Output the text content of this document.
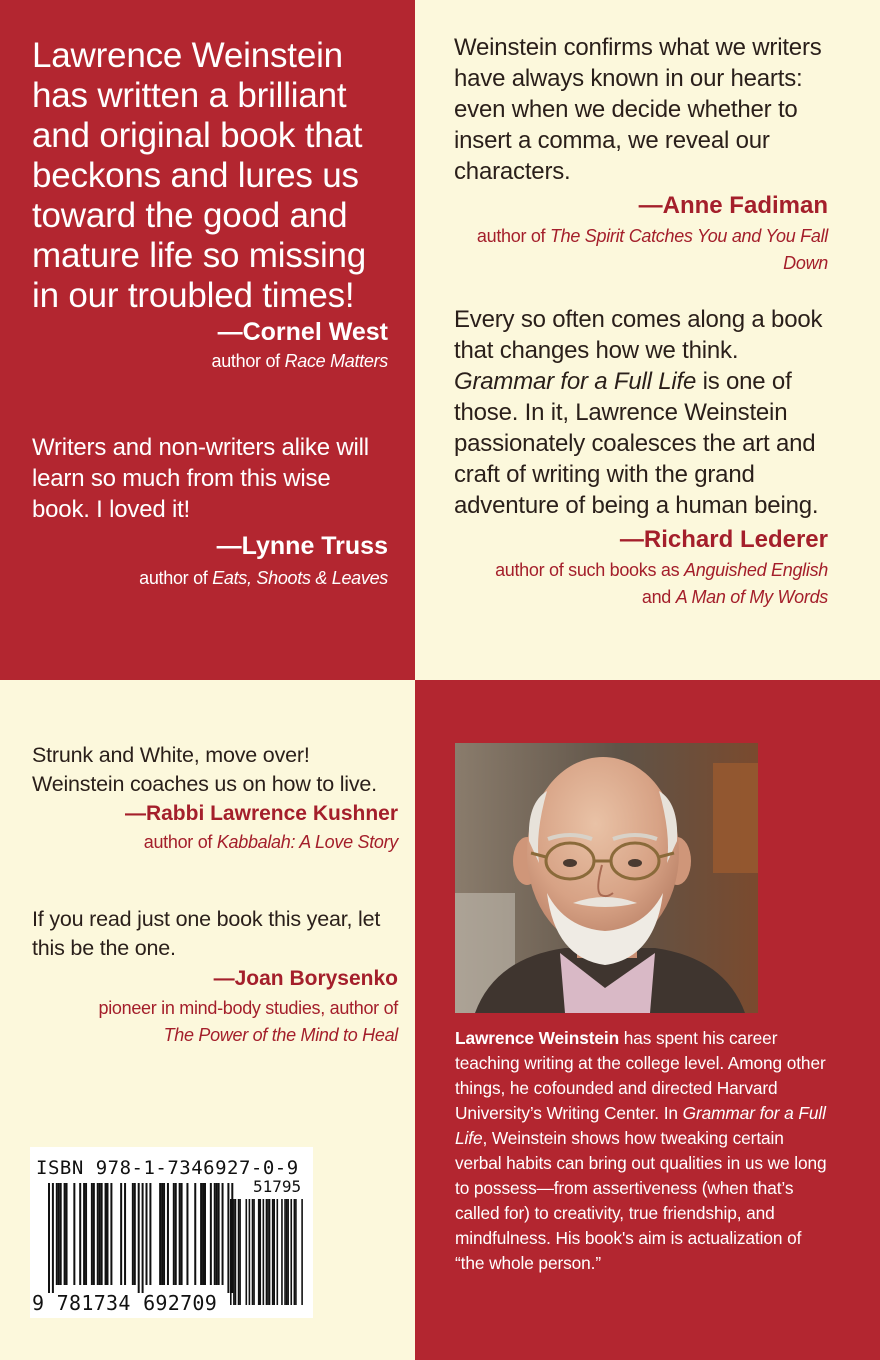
Lawrence Weinstein has written a brilliant and original book that beckons and lures us toward the good and mature life so missing in our troubled times!

—Cornel West

author of Race Matters

Writers and non-writers alike will learn so much from this wise book. I loved it!

—Lynne Truss

author of Eats, Shoots & Leaves

Weinstein confirms what we writers have always known in our hearts: even when we decide whether to insert a comma, we reveal our characters.

—Anne Fadiman

author of The Spirit Catches You and You Fall Down

Every so often comes along a book that changes how we think. Grammar for a Full Life is one of those. In it, Lawrence Weinstein passionately coalesces the art and craft of writing with the grand adventure of being a human being.

—Richard Lederer

author of such books as Anguished English
and A Man of My Words

Strunk and White, move over! Weinstein coaches us on how to live.

—Rabbi Lawrence Kushner

author of Kabbalah: A Love Story

If you read just one book this year, let this be the one.

—Joan Borysenko

pioneer in mind-body studies, author of
The Power of the Mind to Heal	Lawrence Weinstein has spent his career teaching writing at the college level. Among other things, he cofounded and directed Harvard University’s Writing Center. In Grammar for a Full Life, Weinstein shows how tweaking certain verbal habits can bring out qualities in us we long to possess—from assertiveness (when that’s called for) to creativity, true friendship, and mindfulness. His book's aim is actualization of “the whole person.”

ISBN 978-1-7346927-0-9
51795
9 781734 692709
